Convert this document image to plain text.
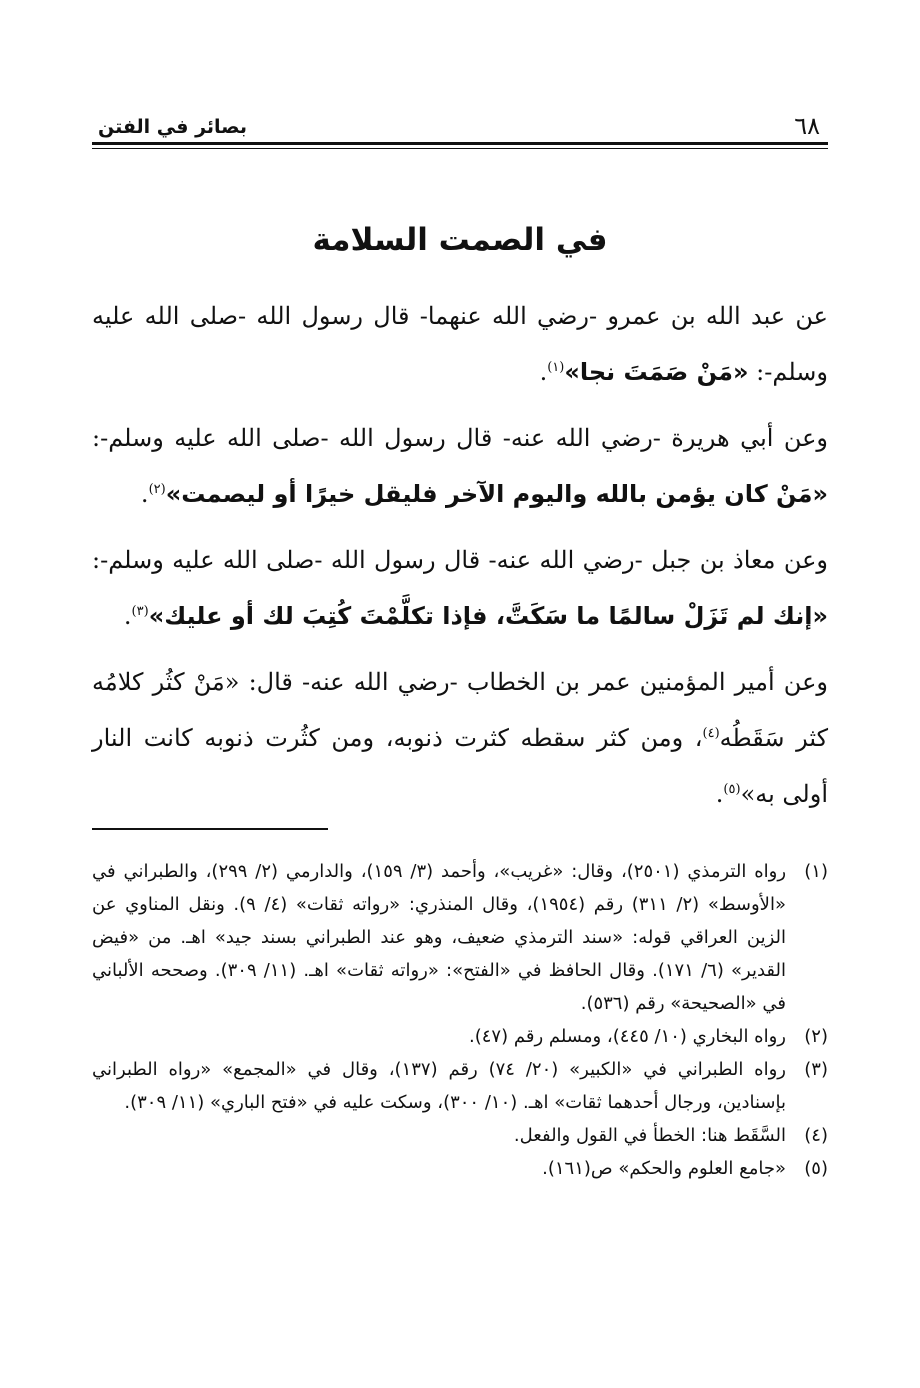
٦٨
بصائر في الفتن
في الصمت السلامة

عن عبد الله بن عمرو -رضي الله عنهما- قال رسول الله -صلى الله عليه وسلم-: «مَنْ صَمَتَ نجا»$^{(١)}$.

وعن أبي هريرة -رضي الله عنه- قال رسول الله -صلى الله عليه وسلم-: «مَنْ كان يؤمن بالله واليوم الآخر فليقل خيرًا أو ليصمت»$^{(٢)}$.

وعن معاذ بن جبل -رضي الله عنه- قال رسول الله -صلى الله عليه وسلم-: «إنك لم تَزَلْ سالمًا ما سَكَتَّ، فإذا تكلَّمْتَ كُتِبَ لك أو عليك»$^{(٣)}$.

وعن أمير المؤمنين عمر بن الخطاب -رضي الله عنه- قال: «مَنْ كثُر كلامُه كثر سَقَطُه$^{(٤)}$، ومن كثر سقطه كثرت ذنوبه، ومن كثُرت ذنوبه كانت النار أولى به»$^{(٥)}$.

(١)
رواه الترمذي (٢٥٠١)، وقال: «غريب»، وأحمد (٣/ ١٥٩)، والدارمي (٢/ ٢٩٩)، والطبراني في «الأوسط» (٢/ ٣١١) رقم (١٩٥٤)، وقال المنذري: «رواته ثقات» (٤/ ٩). ونقل المناوي عن الزين العراقي قوله: «سند الترمذي ضعيف، وهو عند الطبراني بسند جيد» اهـ. من «فيض القدير» (٦/ ١٧١). وقال الحافظ في «الفتح»: «رواته ثقات» اهـ. (١١/ ٣٠٩). وصححه الألباني في «الصحيحة» رقم (٥٣٦).
(٢)
رواه البخاري (١٠/ ٤٤٥)، ومسلم رقم (٤٧).
(٣)
رواه الطبراني في «الكبير» (٢٠/ ٧٤) رقم (١٣٧)، وقال في «المجمع» «رواه الطبراني بإسنادين، ورجال أحدهما ثقات» اهـ. (١٠/ ٣٠٠)، وسكت عليه في «فتح الباري» (١١/ ٣٠٩).
(٤)
السَّقَط هنا: الخطأ في القول والفعل.
(٥)
«جامع العلوم والحكم» ص(١٦١).
